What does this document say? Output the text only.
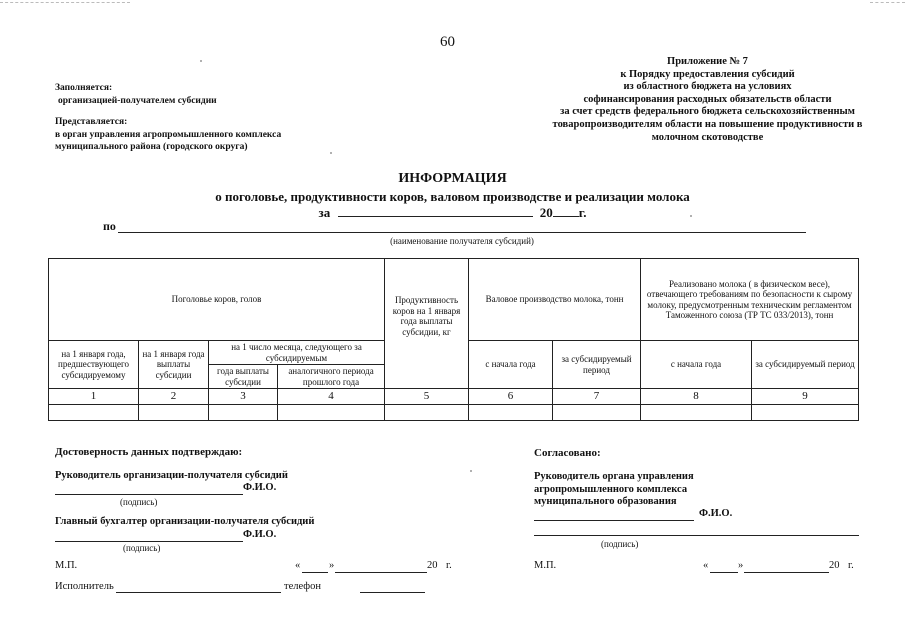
60
Приложение № 7
к Порядку предоставления субсидий
из областного бюджета на условиях
софинансирования расходных обязательств области
за счет средств федерального бюджета сельскохозяйственным
товаропроизводителям области на повышение продуктивности в
молочном скотоводстве
Заполняется:
организацией-получателем субсидии
Представляется:
в орган управления агропромышленного комплекса
муниципального района (городского округа)
ИНФОРМАЦИЯ
о поголовье, продуктивности коров, валовом производстве и реализации молока
за	20 г.
по
(наименование получателя субсидий)
Поголовье коров, голов				Продуктивность коров на 1 января года выплаты субсидии, кг	Валовое производство молока, тонн		Реализовано молока ( в физическом весе), отвечающего требованиям по безопасности к сырому молоку, предусмотренным техническим регламентом Таможенного союза (ТР ТС 033/2013), тонн	
на 1 января года, предшествующего субсидируемому	на 1 января года выплаты субсидии	на 1 число месяца, следующего за субсидируемым			с начала года	за субсидируемый период	с начала года	за субсидируемый период
		года выплаты субсидии	аналогичного периода прошлого года					
1	2	3	4	5	6	7	8	9

Достоверность данных подтверждаю:
Руководитель организации-получателя субсидий
Ф.И.О.
(подпись)
Главный бухгалтер организации-получателя субсидий
Ф.И.О.
(подпись)
М.П.	«	»	20 г.
Исполнитель	телефон
Согласовано:
Руководитель органа управления
агропромышленного комплекса
муниципального образования
Ф.И.О.
(подпись)
М.П.	«	»	20 г.
